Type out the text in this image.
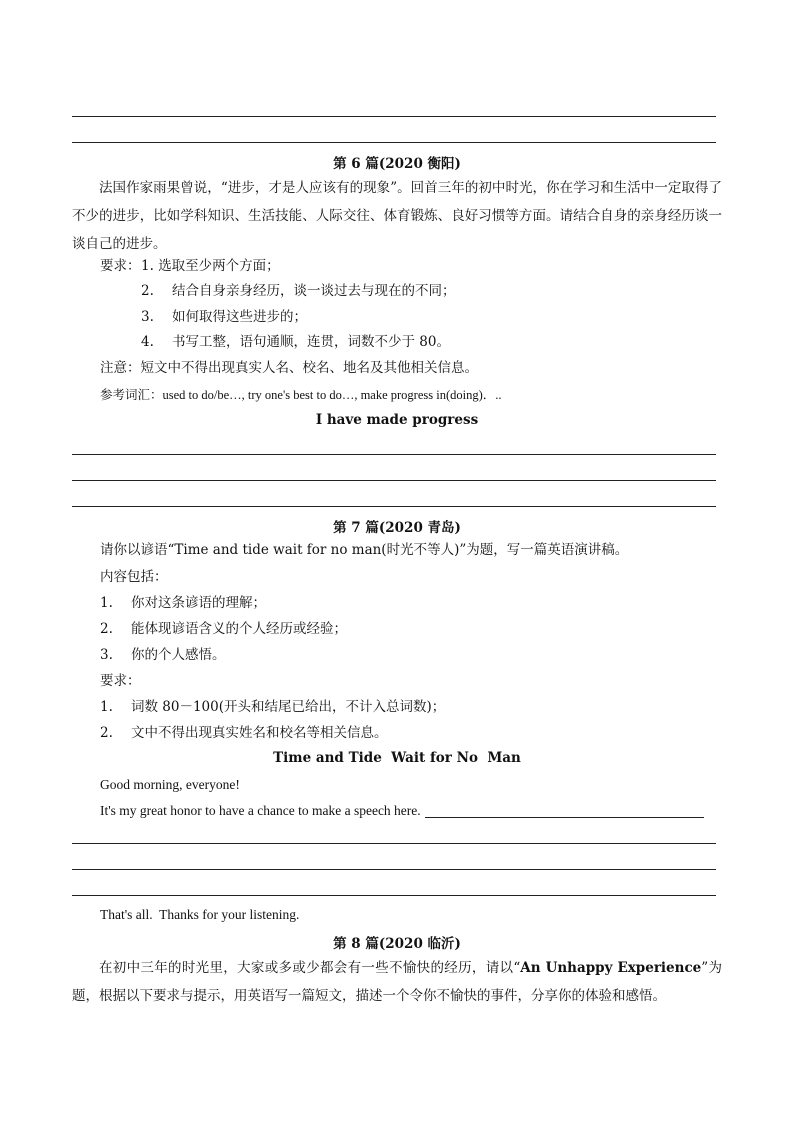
第 6 篇(2020 衡阳)
法国作家雨果曾说，“进步，才是人应该有的现象”。回首三年的初中时光，你在学习和生活中一定取得了不少的进步，比如学科知识、生活技能、人际交往、体育锻炼、良好习惯等方面。请结合自身的亲身经历谈一谈自己的进步。
要求： 1. 选取至少两个方面；
2. 结合自身亲身经历，谈一谈过去与现在的不同；
3. 如何取得这些进步的；
4. 书写工整，语句通顺，连贯，词数不少于 80。
注意：短文中不得出现真实人名、校名、地名及其他相关信息。
参考词汇：used to do/be…, try one's best to do…, make progress in(doing)．..
I have made progress
第 7 篇(2020 青岛)
请你以谚语“Time and tide wait for no man(时光不等人)”为题，写一篇英语演讲稿。
内容包括：
1. 你对这条谚语的理解；
2. 能体现谚语含义的个人经历或经验；
3. 你的个人感悟。
要求：
1. 词数 80－100(开头和结尾已给出，不计入总词数)；
2. 文中不得出现真实姓名和校名等相关信息。
Time and Tide  Wait for No  Man
Good morning, everyone!
It's my great honor to have a chance to make a speech here.
That's all.  Thanks for your listening.
第 8 篇(2020 临沂)
在初中三年的时光里，大家或多或少都会有一些不愉快的经历，请以“An Unhappy Experience”为题，根据以下要求与提示，用英语写一篇短文，描述一个令你不愉快的事件，分享你的体验和感悟。
